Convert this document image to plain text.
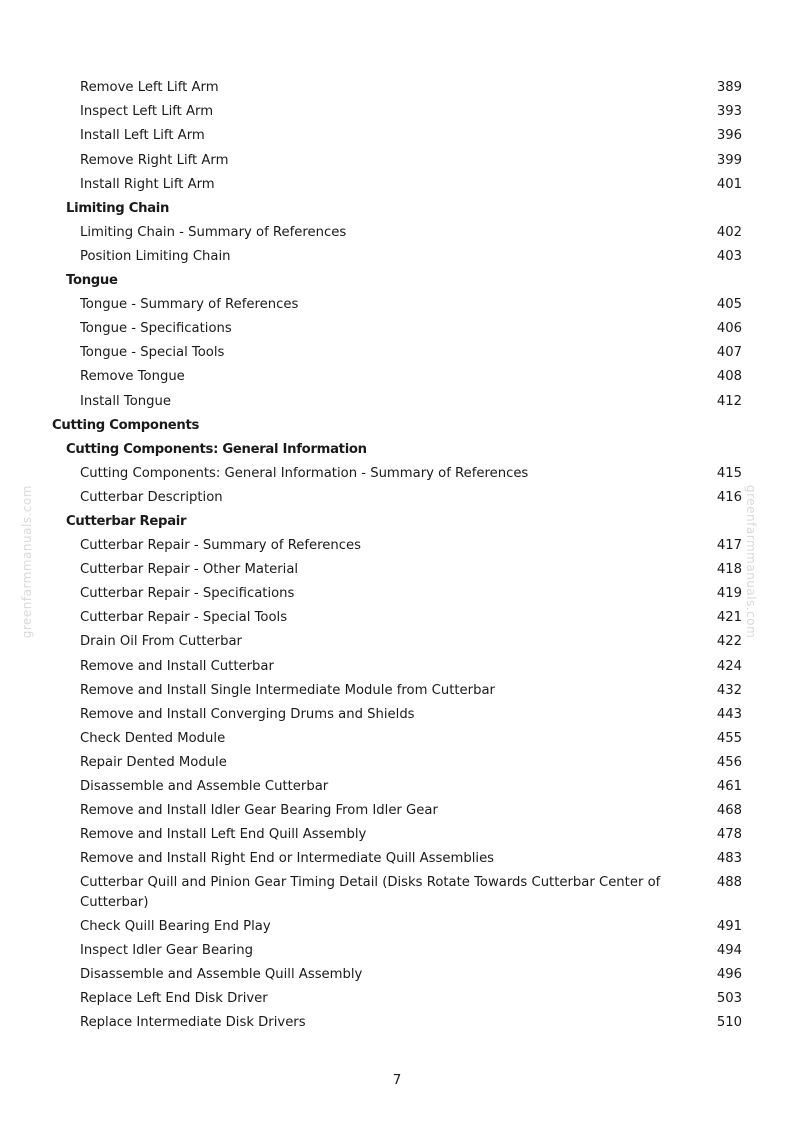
greenfarmmanuals.com	greenfarmmanuals.com
Remove Left Lift Arm	389
Inspect Left Lift Arm	393
Install Left Lift Arm	396
Remove Right Lift Arm	399
Install Right Lift Arm	401
Limiting Chain
Limiting Chain - Summary of References	402
Position Limiting Chain	403
Tongue
Tongue - Summary of References	405
Tongue - Specifications	406
Tongue - Special Tools	407
Remove Tongue	408
Install Tongue	412
Cutting Components
Cutting Components: General Information
Cutting Components: General Information - Summary of References	415
Cutterbar Description	416
Cutterbar Repair
Cutterbar Repair - Summary of References	417
Cutterbar Repair - Other Material	418
Cutterbar Repair - Specifications	419
Cutterbar Repair - Special Tools	421
Drain Oil From Cutterbar	422
Remove and Install Cutterbar	424
Remove and Install Single Intermediate Module from Cutterbar	432
Remove and Install Converging Drums and Shields	443
Check Dented Module	455
Repair Dented Module	456
Disassemble and Assemble Cutterbar	461
Remove and Install Idler Gear Bearing From Idler Gear	468
Remove and Install Left End Quill Assembly	478
Remove and Install Right End or Intermediate Quill Assemblies	483
Cutterbar Quill and Pinion Gear Timing Detail (Disks Rotate Towards Cutterbar Center of Cutterbar)
488
Check Quill Bearing End Play	491
Inspect Idler Gear Bearing	494
Disassemble and Assemble Quill Assembly	496
Replace Left End Disk Driver	503
Replace Intermediate Disk Drivers	510
7
